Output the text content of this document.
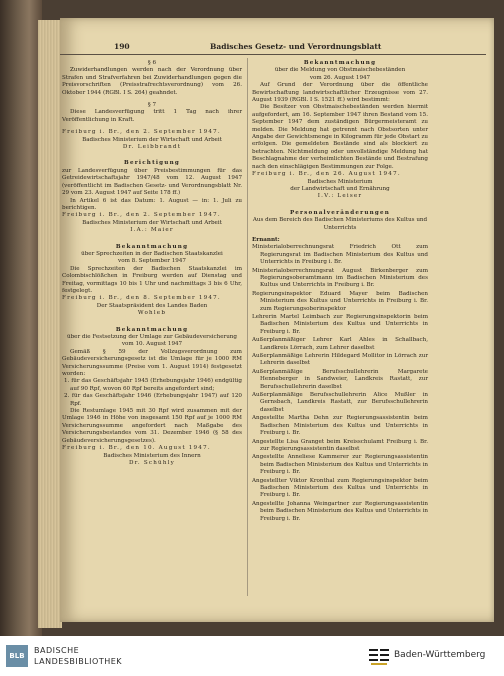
190	Badisches Gesetz- und Verordnungsblatt

§ 6

Zuwiderhandlungen werden nach der Verordnung über Strafen und Strafverfahren bei Zuwiderhandlungen gegen die Preisvorschriften (Preisstrafrechtsverordnung) vom 26. Oktober 1944 (RGBl. I S. 264) geahndet.

§ 7

Diese Landesverfügung tritt 1 Tag nach ihrer Veröffentlichung in Kraft.

Freiburg i. Br., den 2. September 1947.

Badisches Ministerium der Wirtschaft und Arbeit

Dr. Leibbrandt

Berichtigung

zur Landesverfügung über Preisbestimmungen für das Getreidewirtschaftsjahr 1947/48 vom 12. August 1947 (veröffentlicht im Badischen Gesetz- und Verordnungsblatt Nr. 29 vom 23. August 1947 auf Seite 178 ff.)

In Artikel 6 ist das Datum: 1. August — in: 1. Juli zu berichtigen.

Freiburg i. Br., den 2. September 1947.

Badisches Ministerium der Wirtschaft und Arbeit

I.A.: Maier

Bekanntmachung

über Sprechzeiten in der Badischen Staatskanzlei

vom 8. September 1947

Die Sprechzeiten der Badischen Staatskanzlei im Colombischlößchen in Freiburg werden auf Dienstag und Freitag, vormittags 10 bis 1 Uhr und nachmittags 3 bis 6 Uhr, festgelegt.

Freiburg i. Br., den 8. September 1947.

Der Staatspräsident des Landes Baden

Wohleb

Bekanntmachung

über die Festsetzung der Umlage zur Gebäudeversicherung

vom 10. August 1947

Gemäß § 59 der Vollzugsverordnung zum Gebäudeversicherungsgesetz ist die Umlage für je 1000 RM Versicherungssumme (Preise vom 1. August 1914) festgesetzt worden:

1. für das Geschäftsjahr 1945 (Erhebungsjahr 1946) endgültig auf 90 Rpf, wovon 60 Rpf bereits angefordert sind;

2. für das Geschäftsjahr 1946 (Erhebungsjahr 1947) auf 120 Rpf.

Die Restumlage 1945 mit 30 Rpf wird zusammen mit der Umlage 1946 in Höhe von insgesamt 150 Rpf auf je 1000 RM Versicherungssumme angefordert nach Maßgabe des Versicherungsbestandes vom 31. Dezember 1946 (§ 58 des Gebäudeversicherungsgesetzes).

Freiburg i. Br., den 10. August 1947.

Badisches Ministerium des Innern

Dr. Schühly

Bekanntmachung

über die Meldung von Obstmaischebeständen

vom 26. August 1947

Auf Grund der Verordnung über die öffentliche Bewirtschaftung landwirtschaftlicher Erzeugnisse vom 27. August 1939 (RGBl. I S. 1521 ff.) wird bestimmt:

Die Besitzer von Obstmaischebeständen werden hiermit aufgefordert, am 16. September 1947 ihren Bestand vom 15. September 1947 dem zuständigen Bürgermeisteramt zu melden. Die Meldung hat getrennt nach Obstsorten unter Angabe der Gewichtsmenge in Kilogramm für jede Obstart zu erfolgen. Die gemeldeten Bestände sind als blockiert zu betrachten. Nichtmeldung oder unvollständige Meldung hat Beschlagnahme der verheimlichten Bestände und Bestrafung nach den einschlägigen Bestimmungen zur Folge.

Freiburg i. Br., den 26. August 1947.

Badisches Ministerium

der Landwirtschaft und Ernährung

I.V.: Leiser

Personalveränderungen

Aus dem Bereich des Badischen Ministeriums des Kultus und Unterrichts

Ernannt:

Ministerialoberrechnungsrat Friedrich Ott zum Regierungsrat im Badischen Ministerium des Kultus und Unterrichts in Freiburg i. Br.

Ministerialoberrechnungsrat August Birkenberger zum Regierungsoberamtmann im Badischen Ministerium des Kultus und Unterrichts in Freiburg i. Br.

Regierungsinspektor Eduard Mayer beim Badischen Ministerium des Kultus und Unterrichts in Freiburg i. Br. zum Regierungsoberinspektor

Lehrerin Martel Leimbach zur Regierungsinspektorin beim Badischen Ministerium des Kultus und Unterrichts in Freiburg i. Br.

Außerplanmäßiger Lehrer Karl Ahles in Schallbach, Landkreis Lörrach, zum Lehrer daselbst

Außerplanmäßige Lehrerin Hildegard Mollitor in Lörrach zur Lehrerin daselbst

Außerplanmäßige Berufsschullehrerin Margarete Henneberger in Sandweier, Landkreis Rastatt, zur Berufsschullehrerin daselbst

Außerplanmäßige Berufsschullehrerin Alice Mußler in Gernsbach, Landkreis Rastatt, zur Berufsschullehrerin daselbst

Angestellte Martha Dehn zur Regierungsassistentin beim Badischen Ministerium des Kultus und Unterrichts in Freiburg i. Br.

Angestellte Lisa Granget beim Kreisschulamt Freiburg i. Br. zur Regierungsassistentin daselbst

Angestellte Anneliese Kammerer zur Regierungsassistentin beim Badischen Ministerium des Kultus und Unterrichts in Freiburg i. Br.

Angestellter Viktor Kronthal zum Regierungsinspektor beim Badischen Ministerium des Kultus und Unterrichts in Freiburg i. Br.

Angestellte Johanna Weingartner zur Regierungsassistentin beim Badischen Ministerium des Kultus und Unterrichts in Freiburg i. Br.

BLB
BADISCHE
LANDESBIBLIOTHEK
Baden-Württemberg
